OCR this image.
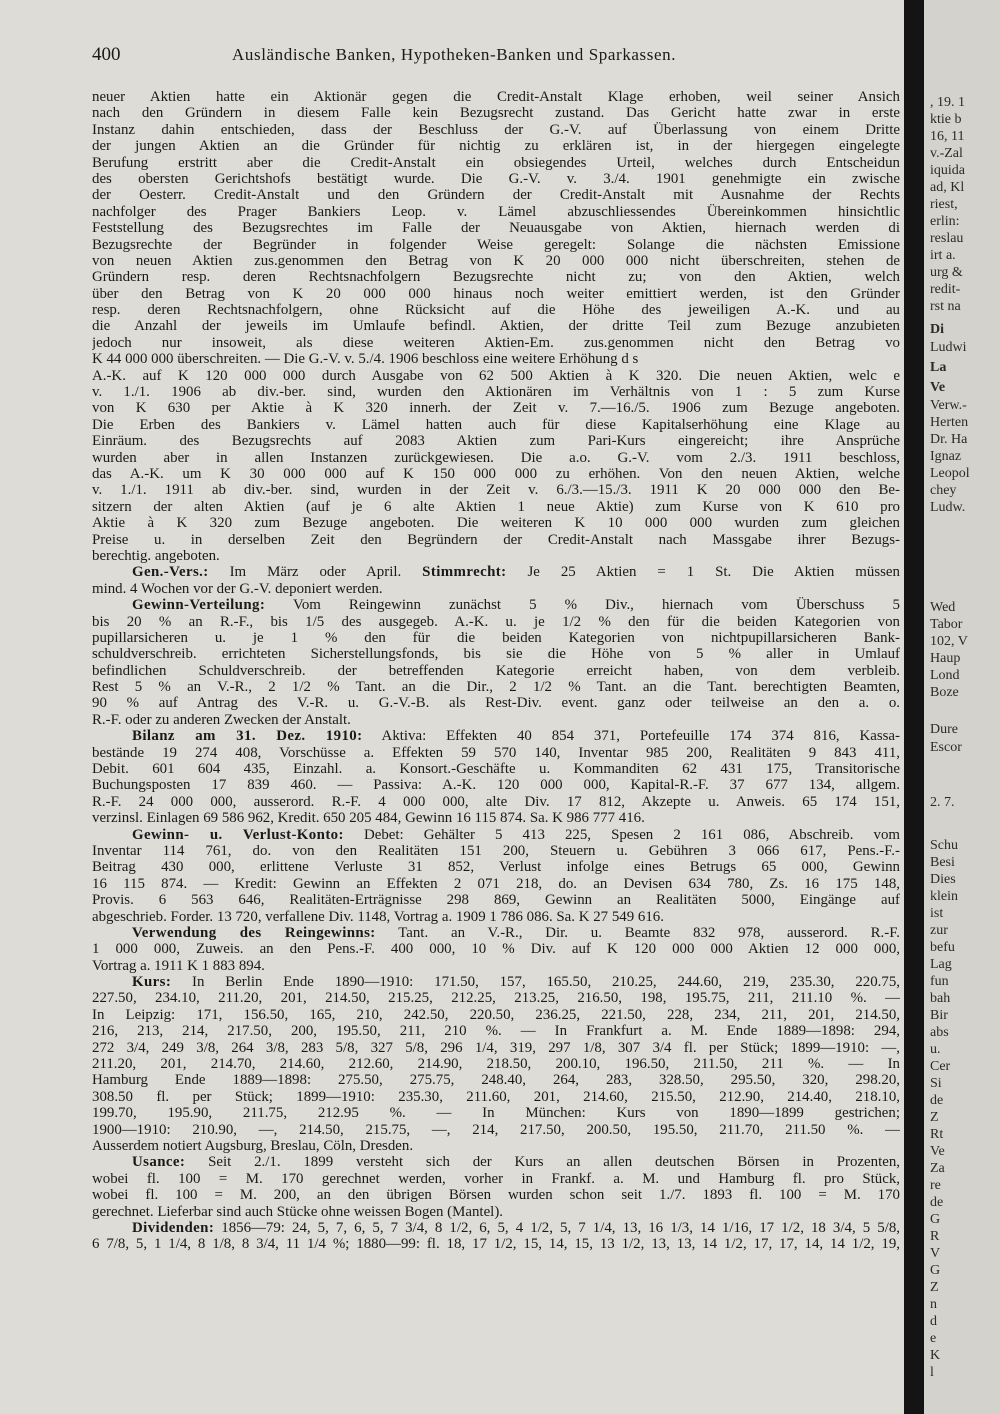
400	Ausländische Banken, Hypotheken-Banken und Sparkassen.
neuer Aktien hatte ein Aktionär gegen die Credit-Anstalt Klage erhoben, weil seiner Ansich
nach den Gründern in diesem Falle kein Bezugsrecht zustand. Das Gericht hatte zwar in erste
Instanz dahin entschieden, dass der Beschluss der G.-V. auf Überlassung von einem Dritte
der jungen Aktien an die Gründer für nichtig zu erklären ist, in der hiergegen eingelegte
Berufung erstritt aber die Credit-Anstalt ein obsiegendes Urteil, welches durch Entscheidun
des obersten Gerichtshofs bestätigt wurde. Die G.-V. v. 3./4. 1901 genehmigte ein zwische
der Oesterr. Credit-Anstalt und den Gründern der Credit-Anstalt mit Ausnahme der Rechts
nachfolger des Prager Bankiers Leop. v. Lämel abzuschliessendes Übereinkommen hinsichtlic
Feststellung des Bezugsrechtes im Falle der Neuausgabe von Aktien, hiernach werden di
Bezugsrechte der Begründer in folgender Weise geregelt: Solange die nächsten Emissione
von neuen Aktien zus.genommen den Betrag von K 20 000 000 nicht überschreiten, stehen de
Gründern resp. deren Rechtsnachfolgern Bezugsrechte nicht zu; von den Aktien, welch
über den Betrag von K 20 000 000 hinaus noch weiter emittiert werden, ist den Gründer
resp. deren Rechtsnachfolgern, ohne Rücksicht auf die Höhe des jeweiligen A.-K. und au
die Anzahl der jeweils im Umlaufe befindl. Aktien, der dritte Teil zum Bezuge anzubieten
jedoch nur insoweit, als diese weiteren Aktien-Em. zus.genommen nicht den Betrag vo
K 44 000 000 überschreiten. — Die G.-V. v. 5./4. 1906 beschloss eine weitere Erhöhung d s
A.-K. auf K 120 000 000 durch Ausgabe von 62 500 Aktien à K 320. Die neuen Aktien, welc e
v. 1./1. 1906 ab div.-ber. sind, wurden den Aktionären im Verhältnis von 1 : 5 zum Kurse
von K 630 per Aktie à K 320 innerh. der Zeit v. 7.—16./5. 1906 zum Bezuge angeboten.
Die Erben des Bankiers v. Lämel hatten auch für diese Kapitalserhöhung eine Klage au
Einräum. des Bezugsrechts auf 2083 Aktien zum Pari-Kurs eingereicht; ihre Ansprüche
wurden aber in allen Instanzen zurückgewiesen. Die a.o. G.-V. vom 2./3. 1911 beschloss,
das A.-K. um K 30 000 000 auf K 150 000 000 zu erhöhen. Von den neuen Aktien, welche
v. 1./1. 1911 ab div.-ber. sind, wurden in der Zeit v. 6./3.—15./3. 1911 K 20 000 000 den Be-
sitzern der alten Aktien (auf je 6 alte Aktien 1 neue Aktie) zum Kurse von K 610 pro
Aktie à K 320 zum Bezuge angeboten. Die weiteren K 10 000 000 wurden zum gleichen
Preise u. in derselben Zeit den Begründern der Credit-Anstalt nach Massgabe ihrer Bezugs-
berechtig. angeboten.
Gen.-Vers.: Im März oder April. Stimmrecht: Je 25 Aktien = 1 St. Die Aktien müssen
mind. 4 Wochen vor der G.-V. deponiert werden.
Gewinn-Verteilung: Vom Reingewinn zunächst 5 % Div., hiernach vom Überschuss 5
bis 20 % an R.-F., bis 1/5 des ausgegeb. A.-K. u. je 1/2 % den für die beiden Kategorien von
pupillarsicheren u. je 1 % den für die beiden Kategorien von nichtpupillarsicheren Bank-
schuldverschreib. errichteten Sicherstellungsfonds, bis sie die Höhe von 5 % aller in Umlauf
befindlichen Schuldverschreib. der betreffenden Kategorie erreicht haben, von dem verbleib.
Rest 5 % an V.-R., 2 1/2 % Tant. an die Dir., 2 1/2 % Tant. an die Tant. berechtigten Beamten,
90 % auf Antrag des V.-R. u. G.-V.-B. als Rest-Div. event. ganz oder teilweise an den a. o.
R.-F. oder zu anderen Zwecken der Anstalt.
Bilanz am 31. Dez. 1910: Aktiva: Effekten 40 854 371, Portefeuille 174 374 816, Kassa-
bestände 19 274 408, Vorschüsse a. Effekten 59 570 140, Inventar 985 200, Realitäten 9 843 411,
Debit. 601 604 435, Einzahl. a. Konsort.-Geschäfte u. Kommanditen 62 431 175, Transitorische
Buchungsposten 17 839 460. — Passiva: A.-K. 120 000 000, Kapital-R.-F. 37 677 134, allgem.
R.-F. 24 000 000, ausserord. R.-F. 4 000 000, alte Div. 17 812, Akzepte u. Anweis. 65 174 151,
verzinsl. Einlagen 69 586 962, Kredit. 650 205 484, Gewinn 16 115 874. Sa. K 986 777 416.
Gewinn- u. Verlust-Konto: Debet: Gehälter 5 413 225, Spesen 2 161 086, Abschreib. vom
Inventar 114 761, do. von den Realitäten 151 200, Steuern u. Gebühren 3 066 617, Pens.-F.-
Beitrag 430 000, erlittene Verluste 31 852, Verlust infolge eines Betrugs 65 000, Gewinn
16 115 874. — Kredit: Gewinn an Effekten 2 071 218, do. an Devisen 634 780, Zs. 16 175 148,
Provis. 6 563 646, Realitäten-Erträgnisse 298 869, Gewinn an Realitäten 5000, Eingänge auf
abgeschrieb. Forder. 13 720, verfallene Div. 1148, Vortrag a. 1909 1 786 086. Sa. K 27 549 616.
Verwendung des Reingewinns: Tant. an V.-R., Dir. u. Beamte 832 978, ausserord. R.-F.
1 000 000, Zuweis. an den Pens.-F. 400 000, 10 % Div. auf K 120 000 000 Aktien 12 000 000,
Vortrag a. 1911 K 1 883 894.
Kurs: In Berlin Ende 1890—1910: 171.50, 157, 165.50, 210.25, 244.60, 219, 235.30, 220.75,
227.50, 234.10, 211.20, 201, 214.50, 215.25, 212.25, 213.25, 216.50, 198, 195.75, 211, 211.10 %. —
In Leipzig: 171, 156.50, 165, 210, 242.50, 220.50, 236.25, 221.50, 228, 234, 211, 201, 214.50,
216, 213, 214, 217.50, 200, 195.50, 211, 210 %. — In Frankfurt a. M. Ende 1889—1898: 294,
272 3/4, 249 3/8, 264 3/8, 283 5/8, 327 5/8, 296 1/4, 319, 297 1/8, 307 3/4 fl. per Stück; 1899—1910: —,
211.20, 201, 214.70, 214.60, 212.60, 214.90, 218.50, 200.10, 196.50, 211.50, 211 %. — In
Hamburg Ende 1889—1898: 275.50, 275.75, 248.40, 264, 283, 328.50, 295.50, 320, 298.20,
308.50 fl. per Stück; 1899—1910: 235.30, 211.60, 201, 214.60, 215.50, 212.90, 214.40, 218.10,
199.70, 195.90, 211.75, 212.95 %. — In München: Kurs von 1890—1899 gestrichen;
1900—1910: 210.90, —, 214.50, 215.75, —, 214, 217.50, 200.50, 195.50, 211.70, 211.50 %. —
Ausserdem notiert Augsburg, Breslau, Cöln, Dresden.
Usance: Seit 2./1. 1899 versteht sich der Kurs an allen deutschen Börsen in Prozenten,
wobei fl. 100 = M. 170 gerechnet werden, vorher in Frankf. a. M. und Hamburg fl. pro Stück,
wobei fl. 100 = M. 200, an den übrigen Börsen wurden schon seit 1./7. 1893 fl. 100 = M. 170
gerechnet. Lieferbar sind auch Stücke ohne weissen Bogen (Mantel).
Dividenden: 1856—79: 24, 5, 7, 6, 5, 7 3/4, 8 1/2, 6, 5, 4 1/2, 5, 7 1/4, 13, 16 1/3, 14 1/16, 17 1/2, 18 3/4, 5 5/8,
6 7/8, 5, 1 1/4, 8 1/8, 8 3/4, 11 1/4 %; 1880—99: fl. 18, 17 1/2, 15, 14, 15, 13 1/2, 13, 13, 14 1/2, 17, 17, 14, 14 1/2, 19,
, 19. 1
ktie b
16, 11
v.-Zal
iquida
ad, Kl
riest,
erlin:
reslau
irt a.
urg &
redit-
rst na
Di
Ludwi
La
Ve
Verw.-
Herten
Dr. Ha
Ignaz
Leopol
chey
Ludw.
Wed
Tabor
102, V
Haup
Lond
Boze
Dure
Escor
2. 7.
Schu
Besi
Dies
klein
ist
zur
befu
Lag
fun
bah
Bir
abs
u.
Cer
Si
de
Z
Rt
Ve
Za
re
de
G
R
V
G
Z
n
d
e
K
l
